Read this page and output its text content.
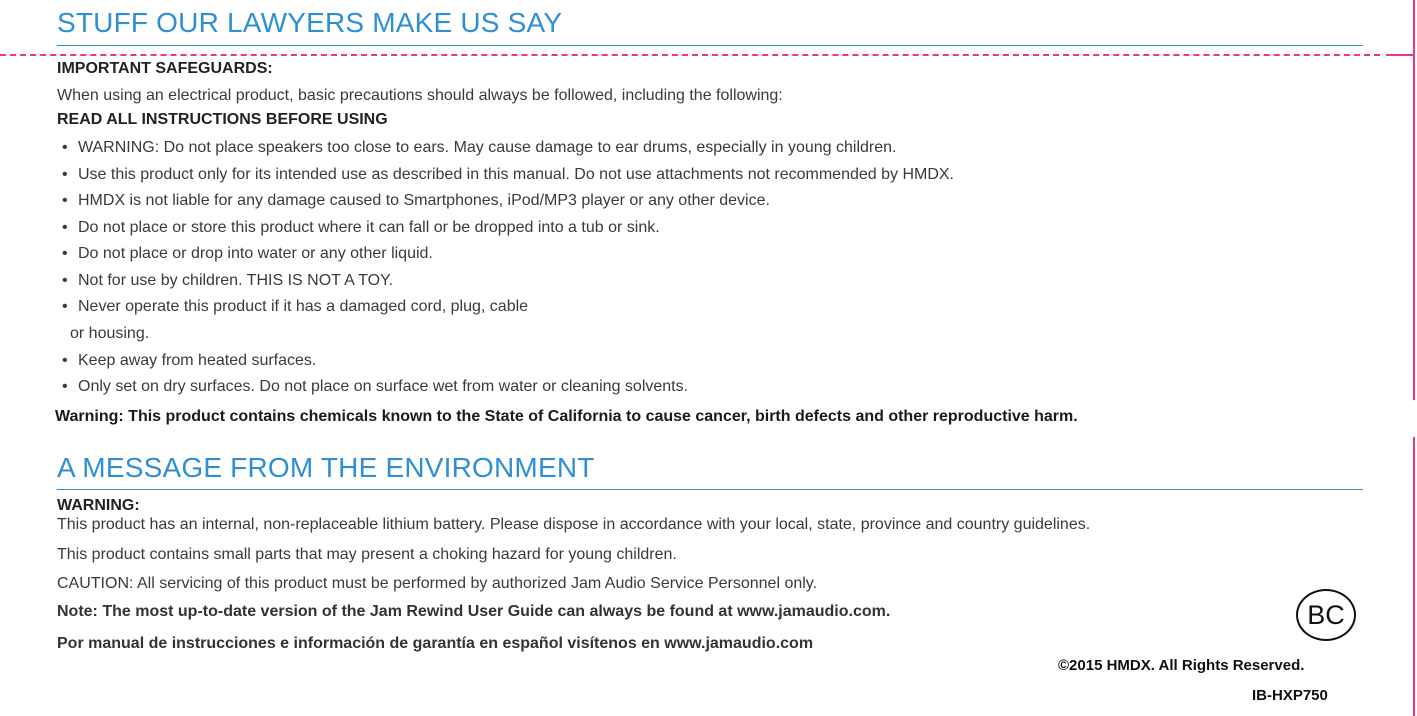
STUFF OUR LAWYERS MAKE US SAY
IMPORTANT SAFEGUARDS:
When using an electrical product, basic precautions should always be followed, including the following:
READ ALL INSTRUCTIONS BEFORE USING
• WARNING: Do not place speakers too close to ears. May cause damage to ear drums, especially in young children.
• Use this product only for its intended use as described in this manual. Do not use attachments not recommended by HMDX.
• HMDX is not liable for any damage caused to Smartphones, iPod/MP3 player or any other device.
• Do not place or store this product where it can fall or be dropped into a tub or sink.
• Do not place or drop into water or any other liquid.
• Not for use by children. THIS IS NOT A TOY.
• Never operate this product if it has a damaged cord, plug, cable
or housing.
• Keep away from heated surfaces.
• Only set on dry surfaces. Do not place on surface wet from water or cleaning solvents.
Warning: This product contains chemicals known to the State of California to cause cancer, birth defects and other reproductive harm.
A MESSAGE FROM THE ENVIRONMENT
WARNING:
This product has an internal, non-replaceable lithium battery. Please dispose in accordance with your local, state, province and country guidelines.
This product contains small parts that may present a choking hazard for young children.
CAUTION: All servicing of this product must be performed by authorized Jam Audio Service Personnel only.
Note: The most up-to-date version of the Jam Rewind User Guide can always be found at www.jamaudio.com.
Por manual de instrucciones e información de garantía en español visítenos en www.jamaudio.com
BC
©2015 HMDX. All Rights Reserved.
IB-HXP750
